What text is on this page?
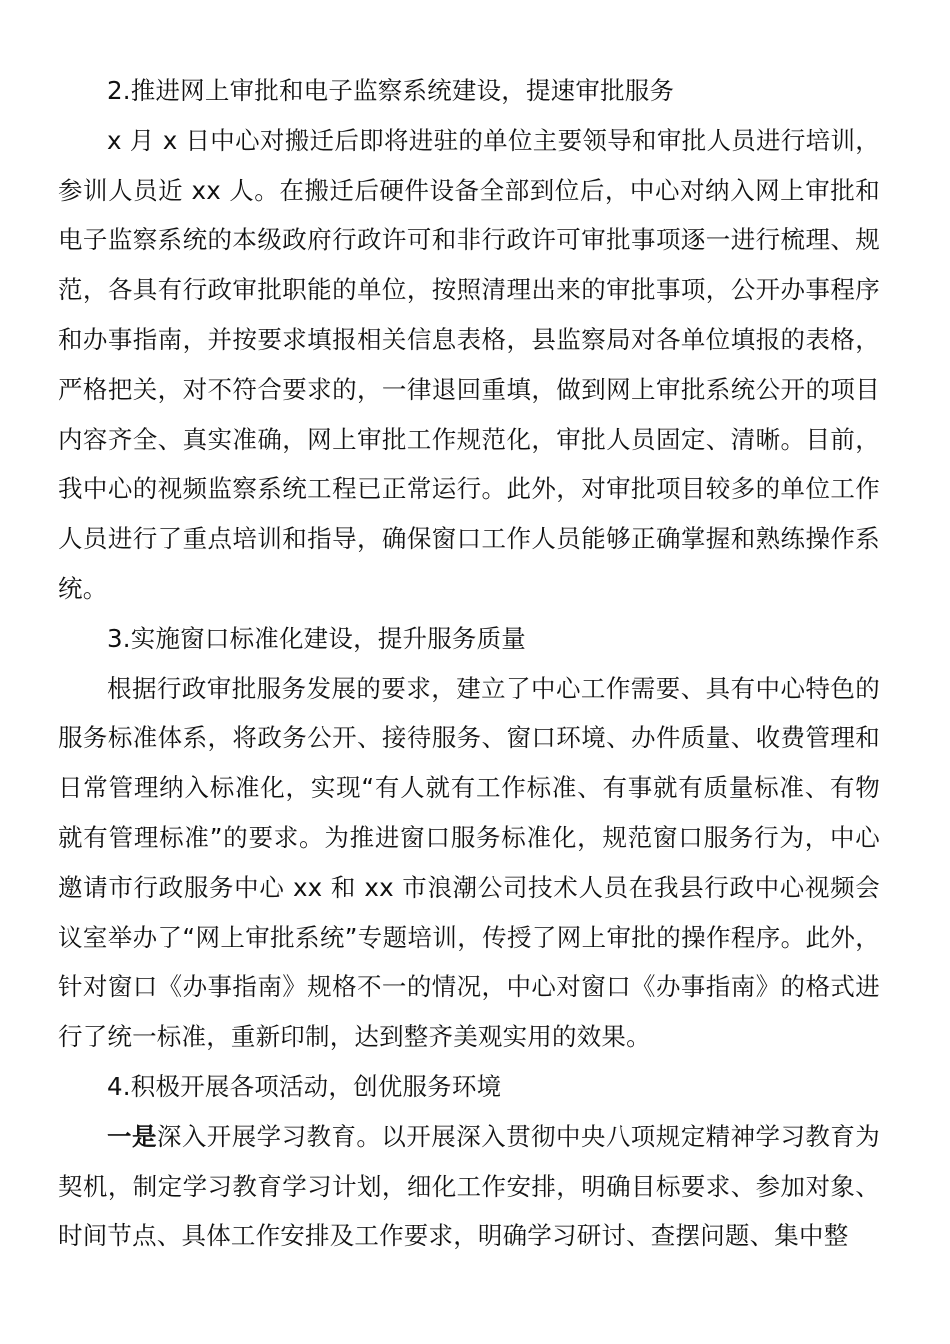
2.推进网上审批和电子监察系统建设，提速审批服务

x 月 x 日中心对搬迁后即将进驻的单位主要领导和审批人员进行培训，参训人员近 xx 人。在搬迁后硬件设备全部到位后，中心对纳入网上审批和电子监察系统的本级政府行政许可和非行政许可审批事项逐一进行梳理、规范，各具有行政审批职能的单位，按照清理出来的审批事项，公开办事程序和办事指南，并按要求填报相关信息表格，县监察局对各单位填报的表格，严格把关，对不符合要求的，一律退回重填，做到网上审批系统公开的项目内容齐全、真实准确，网上审批工作规范化，审批人员固定、清晰。目前，我中心的视频监察系统工程已正常运行。此外，对审批项目较多的单位工作人员进行了重点培训和指导，确保窗口工作人员能够正确掌握和熟练操作系统。

3.实施窗口标准化建设，提升服务质量

根据行政审批服务发展的要求，建立了中心工作需要、具有中心特色的服务标准体系，将政务公开、接待服务、窗口环境、办件质量、收费管理和日常管理纳入标准化，实现“有人就有工作标准、有事就有质量标准、有物就有管理标准”的要求。为推进窗口服务标准化，规范窗口服务行为，中心邀请市行政服务中心 xx 和 xx 市浪潮公司技术人员在我县行政中心视频会议室举办了“网上审批系统”专题培训，传授了网上审批的操作程序。此外，针对窗口《办事指南》规格不一的情况，中心对窗口《办事指南》的格式进行了统一标准，重新印制，达到整齐美观实用的效果。

4.积极开展各项活动，创优服务环境

一是深入开展学习教育。以开展深入贯彻中央八项规定精神学习教育为契机，制定学习教育学习计划，细化工作安排，明确目标要求、参加对象、时间节点、具体工作安排及工作要求，明确学习研讨、查摆问题、集中整
